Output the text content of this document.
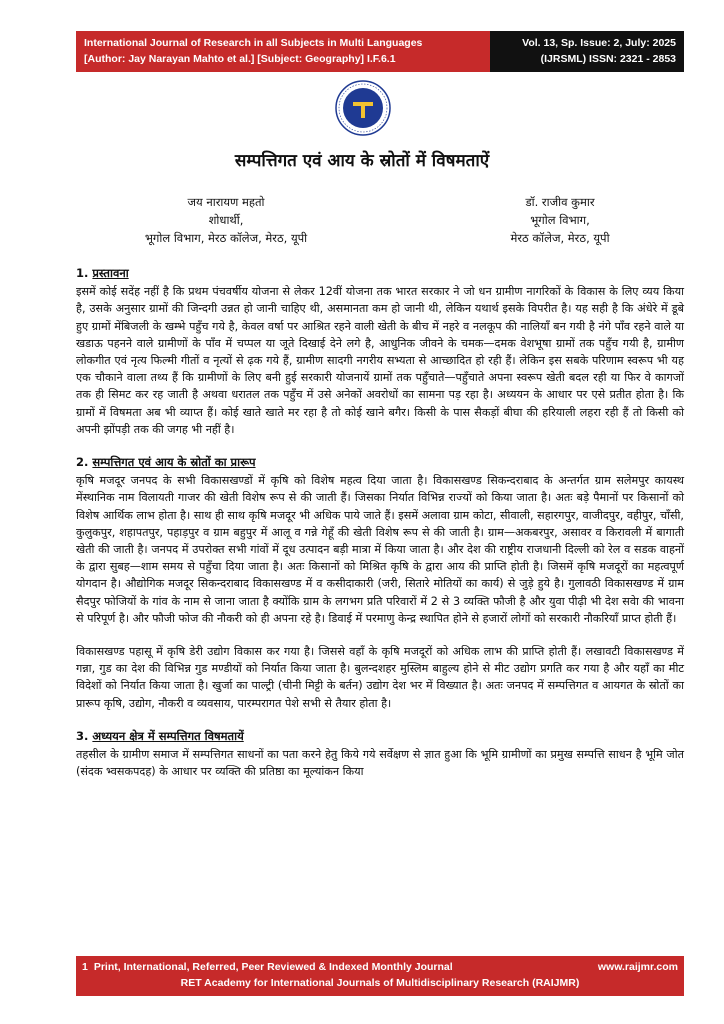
International Journal of Research in all Subjects in Multi Languages
[Author: Jay Narayan Mahto et al.] [Subject: Geography] I.F.6.1
Vol. 13, Sp. Issue: 2, July: 2025
(IJRSML) ISSN: 2321 - 2853
सम्पत्तिगत एवं आय के स्रोतों में विषमताऐं
जय नारायण महतो
शोधार्थी,
भूगोल विभाग, मेरठ कॉलेज, मेरठ, यूपी
डॉ. राजीव कुमार
भूगोल विभाग,
मेरठ कॉलेज, मेरठ, यूपी
1. प्रस्तावना

इसमें कोई सदेंह नहीं है कि प्रथम पंचवर्षीय योजना से लेकर 12वीं योजना तक भारत सरकार ने जो धन ग्रामीण नागरिकों के विकास के लिए व्यय किया है, उसके अनुसार ग्रामों की जिन्दगी उन्नत हो जानी चाहिए थी, असमानता कम हो जानी थी, लेकिन यथार्थ इसके विपरीत है। यह सही है कि अंधेरे में डूबे हुए ग्रामों मेंबिजली के खम्भे पहुँच गये है, केवल वर्षा पर आश्रित रहने वाली खेती के बीच में नहरे व नलकूप की नालियाँ बन गयी है नंगे पाँव रहने वाले या खडाऊ पहनने वाले ग्रामीणों के पाँव में चप्पल या जूते दिखाई देने लगे है, आधुनिक जीवने के चमक—दमक वेशभूषा ग्रामों तक पहुँच गयी है, ग्रामीण लोकगीत एवं नृत्य फिल्मी गीतों व नृत्यों से ढ़क गये हैं, ग्रामीण सादगी नगरीय सभ्यता से आच्छादित हो रही हैं। लेकिन इस सबके परिणाम स्वरूप भी यह एक चौकाने वाला तथ्य हैं कि ग्रामीणों के लिए बनी हुई सरकारी योजनायें ग्रामों तक पहुँचाते—पहुँचाते अपना स्वरूप खेती बदल रही या फिर वे कागजों तक ही सिमट कर रह जाती है अथवा धरातल तक पहुँच में उसे अनेकों अवरोधों का सामना पड़ रहा है। अध्ययन के आधार पर एसे प्रतीत होता है। कि ग्रामों में विषमता अब भी व्याप्त हैं। कोई खाते खाते मर रहा है तो कोई खाने बगैर। किसी के पास सैकड़ों बीघा की हरियाली लहरा रही हैं तो किसी को अपनी झोंपड़ी तक की जगह भी नहीं है।

2. सम्पत्तिगत एवं आय के स्रोतों का प्रारूप

कृषि मजदूर जनपद के सभी विकासखण्डों में कृषि को विशेष महत्व दिया जाता है। विकासखण्ड सिकन्दराबाद के अन्तर्गत ग्राम सलेमपुर कायस्थ मेंस्थानिक नाम विलायती गाजर की खेती विशेष रूप से की जाती हैं। जिसका निर्यात विभिन्न राज्यों को किया जाता है। अतः बड़े पैमानों पर किसानों को विशेष आर्थिक लाभ होता है। साथ ही साथ कृषि मजदूर भी अधिक पाये जाते हैं। इसमें अलावा ग्राम कोटा, सीवाली, सहारगपुर, वाजीदपुर, वहीपुर, चाँसी, कुलुकपुर, शहापतपुर, पहाड़पुर व ग्राम बहुपुर में आलू व गन्ने गेहूँ की खेती विशेष रूप से की जाती है। ग्राम—अकबरपुर, असावर व किरावली में बागाती खेती की जाती है। जनपद में उपरोक्त सभी गांवों में दूध उत्पादन बड़ी मात्रा में किया जाता है। और देश की राष्ट्रीय राजधानी दिल्ली को रेल व सडक वाहनों के द्वारा सुबह—शाम समय से पहुँचा दिया जाता है। अतः किसानों को मिश्रित कृषि के द्वारा आय की प्राप्ति होती है। जिसमें कृषि मजदूरों का महत्वपूर्ण योगदान है। औद्योगिक मजदूर सिकन्दराबाद विकासखण्ड में व कसीदाकारी (जरी, सितारे मोतियों का कार्य) से जुड़े हुये है। गुलावठी विकासखण्ड में ग्राम सैदपुर फोजियों के गांव के नाम से जाना जाता है क्योंकि ग्राम के लगभग प्रति परिवारों में 2 से 3 व्यक्ति फौजी है और युवा पीढ़ी भी देश सवेा की भावना से परिपूर्ण है। और फौजी फोज की नौकरी को ही अपना रहे है। डिवाई में परमाणु केन्द्र स्थापित होने से हजारों लोगों को सरकारी नौकरियाँ प्राप्त होती हैं।

विकासखण्ड पहासू में कृषि डेरी उद्योग विकास कर गया है। जिससे वहाँ के कृषि मजदूरों को अधिक लाभ की प्राप्ति होती हैं। लखावटी विकासखण्ड में गन्ना, गुड का देश की विभिन्न गुड मण्डीयों को निर्यात किया जाता है। बुलन्दशहर मुस्लिम बाहुल्य होने से मीट उद्योग प्रगति कर गया है और यहाँ का मीट विदेशों को निर्यात किया जाता है। खुर्जा का पाल्ट्री (चीनी मिट्टी के बर्तन) उद्योग देश भर में विख्यात है। अतः जनपद में सम्पत्तिगत व आयगत के स्रोतों का प्रारूप कृषि, उद्योग, नौकरी व व्यवसाय, पारम्परागत पेशे सभी से तैयार होता है।

3. अध्ययन क्षेत्र में सम्पत्तिगत विषमतायें

तहसील के ग्रामीण समाज में सम्पत्तिगत साधनों का पता करने हेतु किये गये सर्वेक्षण से ज्ञात हुआ कि भूमि ग्रामीणों का प्रमुख सम्पत्ति साधन है भूमि जोत (संदक भ्वसकपदह) के आधार पर व्यक्ति की प्रतिष्ठा का मूल्यांकन किया

1 Print, International, Referred, Peer Reviewed & Indexed Monthly Journal	www.raijmr.com
RET Academy for International Journals of Multidisciplinary Research (RAIJMR)
